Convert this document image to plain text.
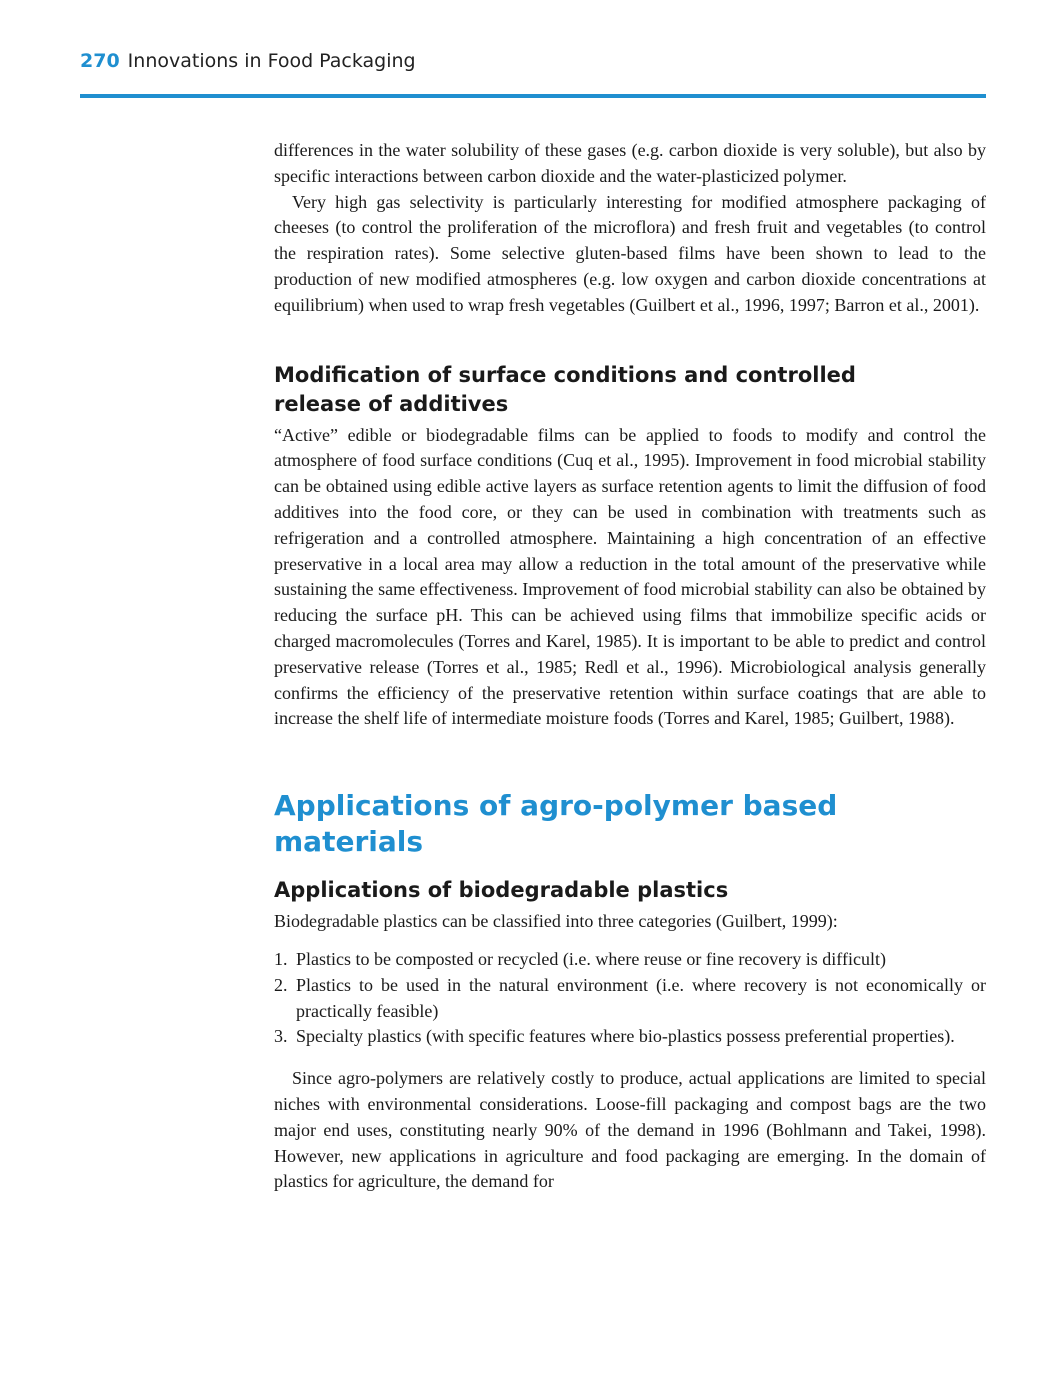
270 Innovations in Food Packaging

differences in the water solubility of these gases (e.g. carbon dioxide is very soluble), but also by specific interactions between carbon dioxide and the water-plasticized polymer.

Very high gas selectivity is particularly interesting for modified atmosphere packaging of cheeses (to control the proliferation of the microflora) and fresh fruit and vegetables (to control the respiration rates). Some selective gluten-based films have been shown to lead to the production of new modified atmospheres (e.g. low oxygen and carbon dioxide concentrations at equilibrium) when used to wrap fresh vegetables (Guilbert et al., 1996, 1997; Barron et al., 2001).

Modification of surface conditions and controlled
release of additives

“Active” edible or biodegradable films can be applied to foods to modify and control the atmosphere of food surface conditions (Cuq et al., 1995). Improvement in food microbial stability can be obtained using edible active layers as surface retention agents to limit the diffusion of food additives into the food core, or they can be used in combination with treatments such as refrigeration and a controlled atmosphere. Maintaining a high concentration of an effective preservative in a local area may allow a reduction in the total amount of the preservative while sustaining the same effectiveness. Improvement of food microbial stability can also be obtained by reducing the surface pH. This can be achieved using films that immobilize specific acids or charged macromolecules (Torres and Karel, 1985). It is important to be able to predict and control preservative release (Torres et al., 1985; Redl et al., 1996). Microbiological analysis generally confirms the efficiency of the preservative retention within surface coatings that are able to increase the shelf life of intermediate moisture foods (Torres and Karel, 1985; Guilbert, 1988).

Applications of agro-polymer based materials
Applications of biodegradable plastics

Biodegradable plastics can be classified into three categories (Guilbert, 1999):

1. Plastics to be composted or recycled (i.e. where reuse or fine recovery is difficult)
2. Plastics to be used in the natural environment (i.e. where recovery is not economically or practically feasible)
3. Specialty plastics (with specific features where bio-plastics possess preferential properties).

Since agro-polymers are relatively costly to produce, actual applications are limited to special niches with environmental considerations. Loose-fill packaging and compost bags are the two major end uses, constituting nearly 90% of the demand in 1996 (Bohlmann and Takei, 1998). However, new applications in agriculture and food packaging are emerging. In the domain of plastics for agriculture, the demand for
